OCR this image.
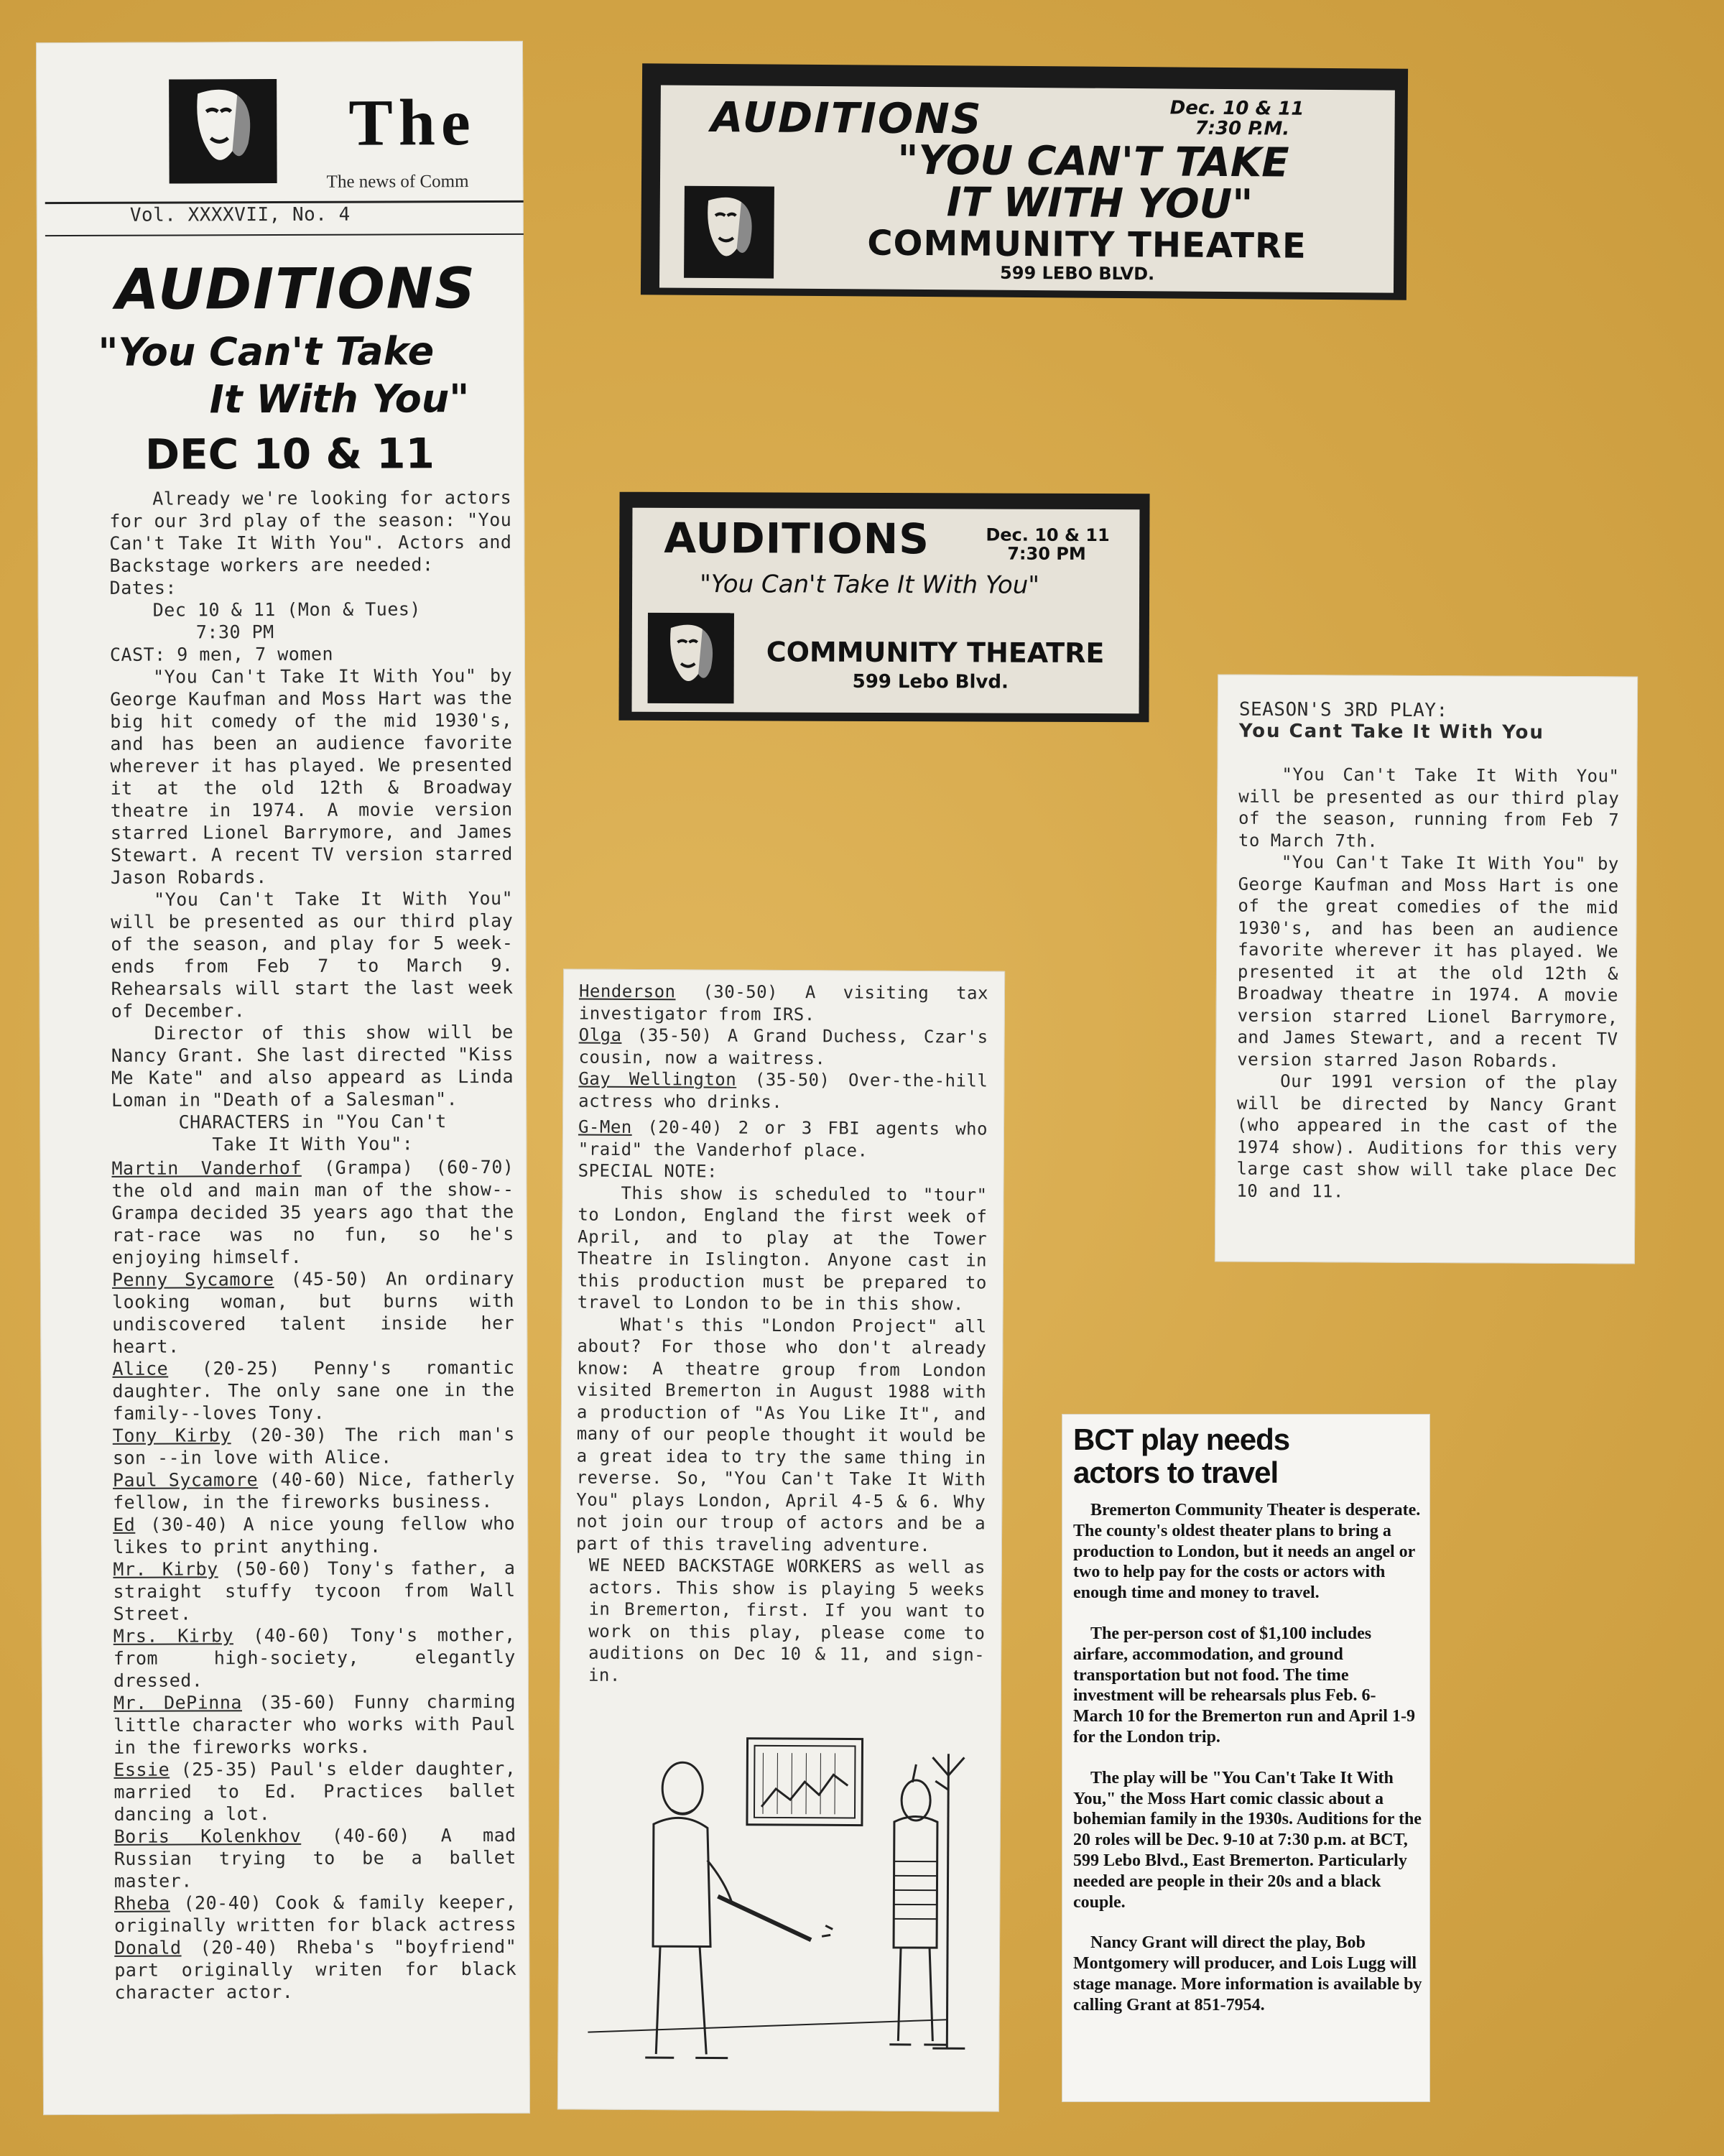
The
The news of Comm
Vol. XXXXVII, No. 4
AUDITIONS
"You Can't Take
It With You"
DEC 10 & 11

Already we're looking for actors for our 3rd play of the season: "You Can't Take It With You". Actors and Backstage workers are needed:

Dates:

Dec 10 & 11 (Mon & Tues)

7:30 PM

CAST: 9 men, 7 women

"You Can't Take It With You" by George Kaufman and Moss Hart was the big hit comedy of the mid 1930's, and has been an audience favorite wherever it has played. We presented it at the old 12th & Broadway theatre in 1974. A movie version starred Lionel Barrymore, and James Stewart. A recent TV version starred Jason Robards.

"You Can't Take It With You" will be presented as our third play of the season, and play for 5 week-ends from Feb 7 to March 9. Rehearsals will start the last week of December.

Director of this show will be Nancy Grant. She last directed "Kiss Me Kate" and also appeard as Linda Loman in "Death of a Salesman".

CHARACTERS in "You Can't

Take It With You":

Martin Vanderhof (Grampa) (60-70) the old and main man of the show--Grampa decided 35 years ago that the rat-race was no fun, so he's enjoying himself.

Penny Sycamore (45-50) An ordinary looking woman, but burns with undiscovered talent inside her heart.

Alice (20-25) Penny's romantic daughter. The only sane one in the family--loves Tony.

Tony Kirby (20-30) The rich man's son --in love with Alice.

Paul Sycamore (40-60) Nice, fatherly fellow, in the fireworks business.

Ed (30-40) A nice young fellow who likes to print anything.

Mr. Kirby (50-60) Tony's father, a straight stuffy tycoon from Wall Street.

Mrs. Kirby (40-60) Tony's mother, from high-society, elegantly dressed.

Mr. DePinna (35-60) Funny charming little character who works with Paul in the fireworks works.

Essie (25-35) Paul's elder daughter, married to Ed. Practices ballet dancing a lot.

Boris Kolenkhov (40-60) A mad Russian trying to be a ballet master.

Rheba (20-40) Cook & family keeper, originally written for black actress

Donald (20-40) Rheba's "boyfriend" part originally writen for black character actor.

AUDITIONS	Dec. 10 & 11
7:30 P.M.
"YOU CAN'T TAKE
IT WITH YOU"
COMMUNITY THEATRE
599 LEBO BLVD.
AUDITIONS	Dec. 10 & 11
7:30 PM
"You Can't Take It With You"
COMMUNITY THEATRE
599 Lebo Blvd.

Henderson (30-50) A visiting tax investigator from IRS.

Olga (35-50) A Grand Duchess, Czar's cousin, now a waitress.

Gay Wellington (35-50) Over-the-hill actress who drinks.

G-Men (20-40) 2 or 3 FBI agents who "raid" the Vanderhof place.

SPECIAL NOTE:

This show is scheduled to "tour" to London, England the first week of April, and to play at the Tower Theatre in Islington. Anyone cast in this production must be prepared to travel to London to be in this show.

What's this "London Project" all about? For those who don't already know: A theatre group from London visited Bremerton in August 1988 with a production of "As You Like It", and many of our people thought it would be a great idea to try the same thing in reverse. So, "You Can't Take It With You" plays London, April 4-5 & 6. Why not join our troup of actors and be a part of this traveling adventure.

WE NEED BACKSTAGE WORKERS as well as actors. This show is playing 5 weeks in Bremerton, first. If you want to work on this play, please come to auditions on Dec 10 & 11, and sign-in.

SEASON'S 3RD PLAY:
You Cant Take It With You

"You Can't Take It With You" will be presented as our third play of the season, running from Feb 7 to March 7th.

"You Can't Take It With You" by George Kaufman and Moss Hart is one of the great comedies of the mid 1930's, and has been an audience favorite wherever it has played. We presented it at the old 12th & Broadway theatre in 1974. A movie version starred Lionel Barrymore, and James Stewart, and a recent TV version starred Jason Robards.

Our 1991 version of the play will be directed by Nancy Grant (who appeared in the cast of the 1974 show). Auditions for this very large cast show will take place Dec 10 and 11.

BCT play needs
actors to travel

Bremerton Community Theater is desperate. The county's oldest theater plans to bring a production to London, but it needs an angel or two to help pay for the costs or actors with enough time and money to travel.

The per-person cost of $1,100 includes airfare, accommodation, and ground transportation but not food. The time investment will be rehearsals plus Feb. 6-March 10 for the Bremerton run and April 1-9 for the London trip.

The play will be "You Can't Take It With You," the Moss Hart comic classic about a bohemian family in the 1930s. Auditions for the 20 roles will be Dec. 9-10 at 7:30 p.m. at BCT, 599 Lebo Blvd., East Bremerton. Particularly needed are people in their 20s and a black couple.

Nancy Grant will direct the play, Bob Montgomery will producer, and Lois Lugg will stage manage. More information is available by calling Grant at 851-7954.
